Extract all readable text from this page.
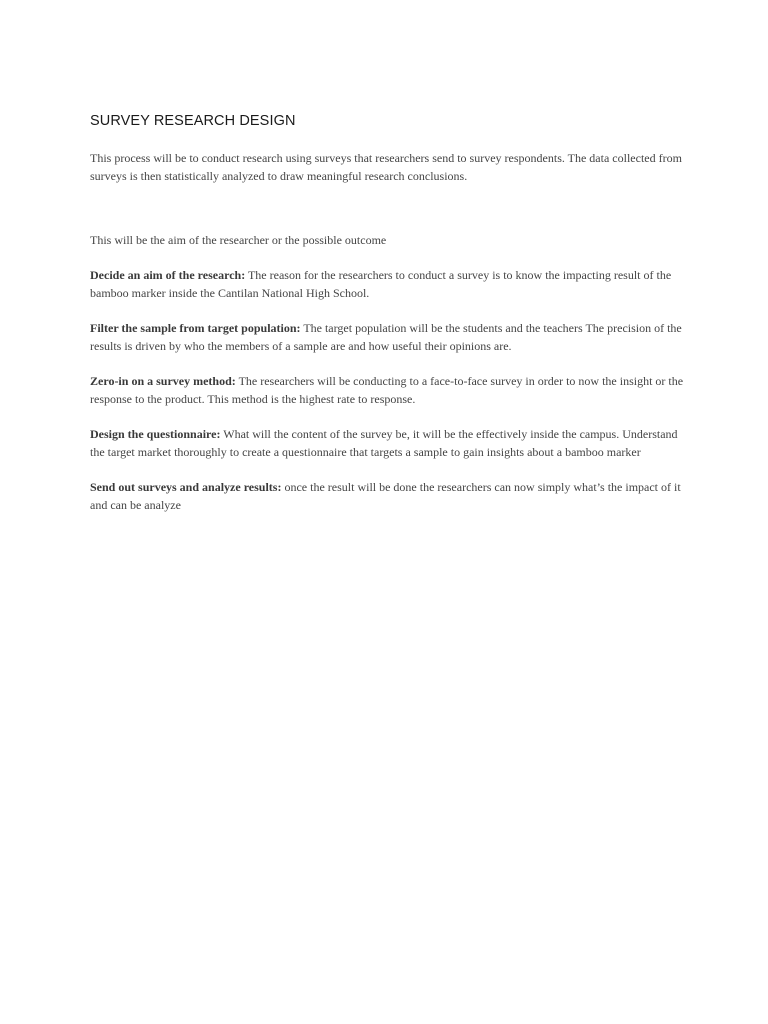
SURVEY RESEARCH DESIGN

This process will be to conduct research using surveys that researchers send to survey respondents. The data collected from surveys is then statistically analyzed to draw meaningful research conclusions.

This will be the aim of the researcher or the possible outcome

Decide an aim of the research: The reason for the researchers to conduct a survey is to know the impacting result of the bamboo marker inside the Cantilan National High School.

Filter the sample from target population: The target population will be the students and the teachers The precision of the results is driven by who the members of a sample are and how useful their opinions are.

Zero-in on a survey method: The researchers will be conducting to a face-to-face survey in order to now the insight or the response to the product. This method is the highest rate to response.

Design the questionnaire: What will the content of the survey be, it will be the effectively inside the campus. Understand the target market thoroughly to create a questionnaire that targets a sample to gain insights about a bamboo marker

Send out surveys and analyze results: once the result will be done the researchers can now simply what’s the impact of it and can be analyze
